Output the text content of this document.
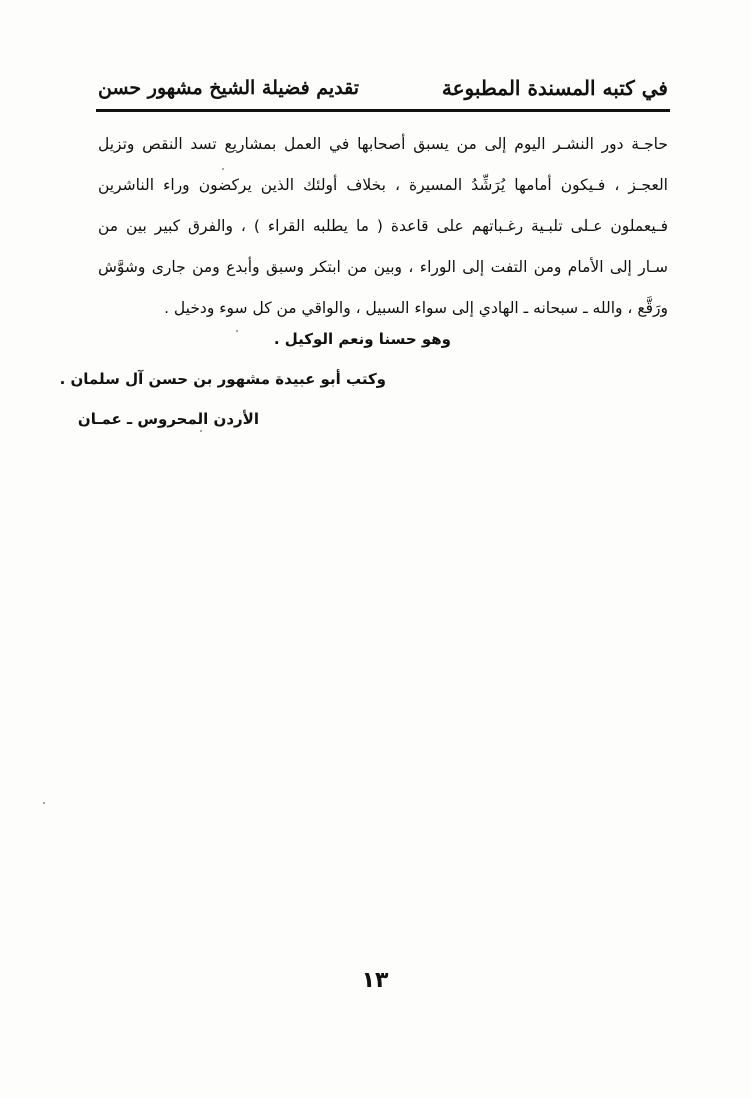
في كتبه المسندة المطبوعة
تقديم فضيلة الشيخ مشهور حسن
حاجـة دور النشـر اليوم إلى من يسبق أصحابها في العمل بمشاريع تسد النقص وتزيل
العجـز ، فـيكون أمامها يُرَشِّدُ المسيرة ، بخلاف أولئك الذين يركضون وراء الناشرين
فـيعملون عـلى تلبـية رغـباتهم على قاعدة ( ما يطلبه القراء ) ، والفرق كبير بين من
سـار إلى الأمام ومن التفت إلى الوراء ، وبين من ابتكر وسبق وأبدع ومن جارى وشوَّش
ورَقَّع ، والله ـ سبحانه ـ الهادي إلى سواء السبيل ، والواقي من كل سوء ودخيل .
وهو حسنا ونعم الوكيل .
وكتب أبو عبيدة مشهور بن حسن آل سلمان .
الأردن المحروس ـ عمـان
١٣
